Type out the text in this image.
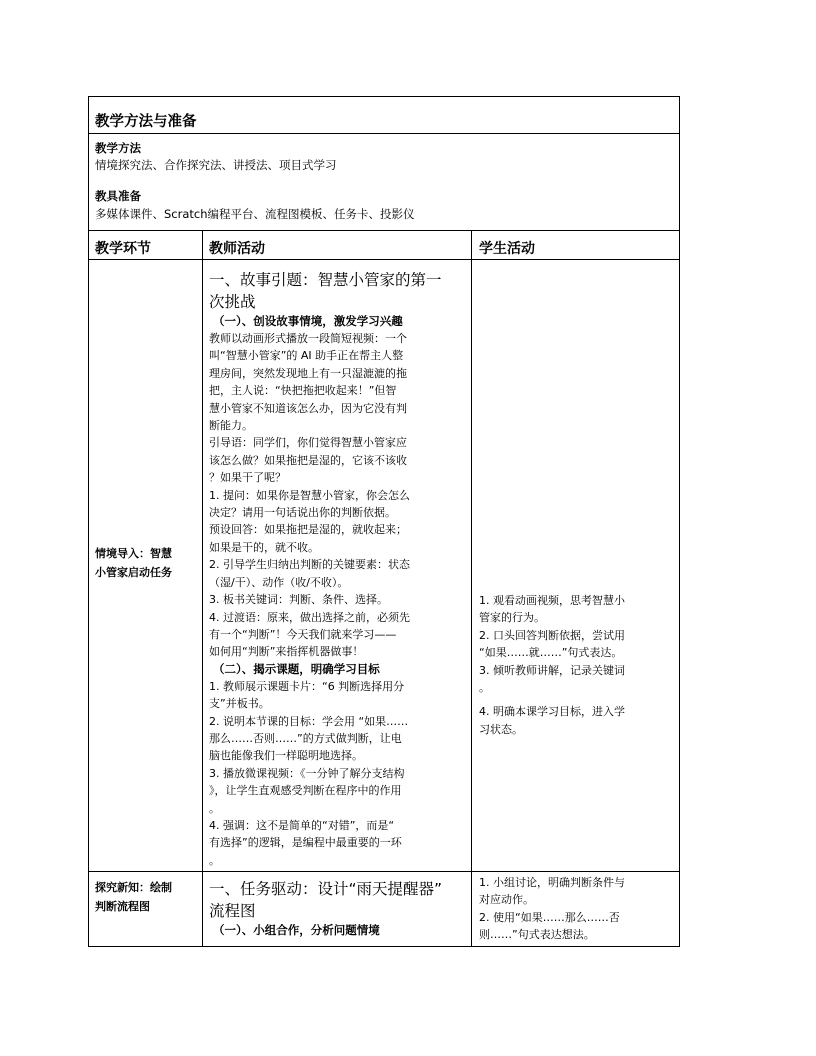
教学方法与准备
教学方法
情境探究法、合作探究法、讲授法、项目式学习
教具准备
多媒体课件、Scratch编程平台、流程图模板、任务卡、投影仪
教学环节	教师活动	学生活动
情境导入：智慧
小管家启动任务
一、故事引题：智慧小管家的第一
次挑战
（一）、创设故事情境，激发学习兴趣
教师以动画形式播放一段简短视频：一个
叫“智慧小管家”的 AI 助手正在帮主人整
理房间，突然发现地上有一只湿漉漉的拖
把，主人说：“快把拖把收起来！”但智
慧小管家不知道该怎么办，因为它没有判
断能力。
引导语：同学们，你们觉得智慧小管家应
该怎么做？如果拖把是湿的，它该不该收
？如果干了呢？
1. 提问：如果你是智慧小管家，你会怎么
决定？请用一句话说出你的判断依据。
预设回答：如果拖把是湿的，就收起来；
如果是干的，就不收。
2. 引导学生归纳出判断的关键要素：状态
（湿/干）、动作（收/不收）。
3. 板书关键词：判断、条件、选择。
4. 过渡语：原来，做出选择之前，必须先
有一个“判断”！今天我们就来学习——
如何用“判断”来指挥机器做事！
（二）、揭示课题，明确学习目标
1. 教师展示课题卡片：“6 判断选择用分
支”并板书。
2. 说明本节课的目标：学会用 “如果……
那么……否则……”的方式做判断，让电
脑也能像我们一样聪明地选择。
3. 播放微课视频：《一分钟了解分支结构
》，让学生直观感受判断在程序中的作用
。
4. 强调：这不是简单的“对错”，而是“
有选择”的逻辑，是编程中最重要的一环
。

1. 观看动画视频，思考智慧小

管家的行为。

2. 口头回答判断依据，尝试用

“如果……就……”句式表达。

3. 倾听教师讲解，记录关键词

。

4. 明确本课学习目标，进入学

习状态。

探究新知：绘制
判断流程图
一、任务驱动：设计“雨天提醒器”
流程图
（一）、小组合作，分析问题情境

1. 小组讨论，明确判断条件与

对应动作。

2. 使用“如果……那么……否

则……”句式表达想法。
